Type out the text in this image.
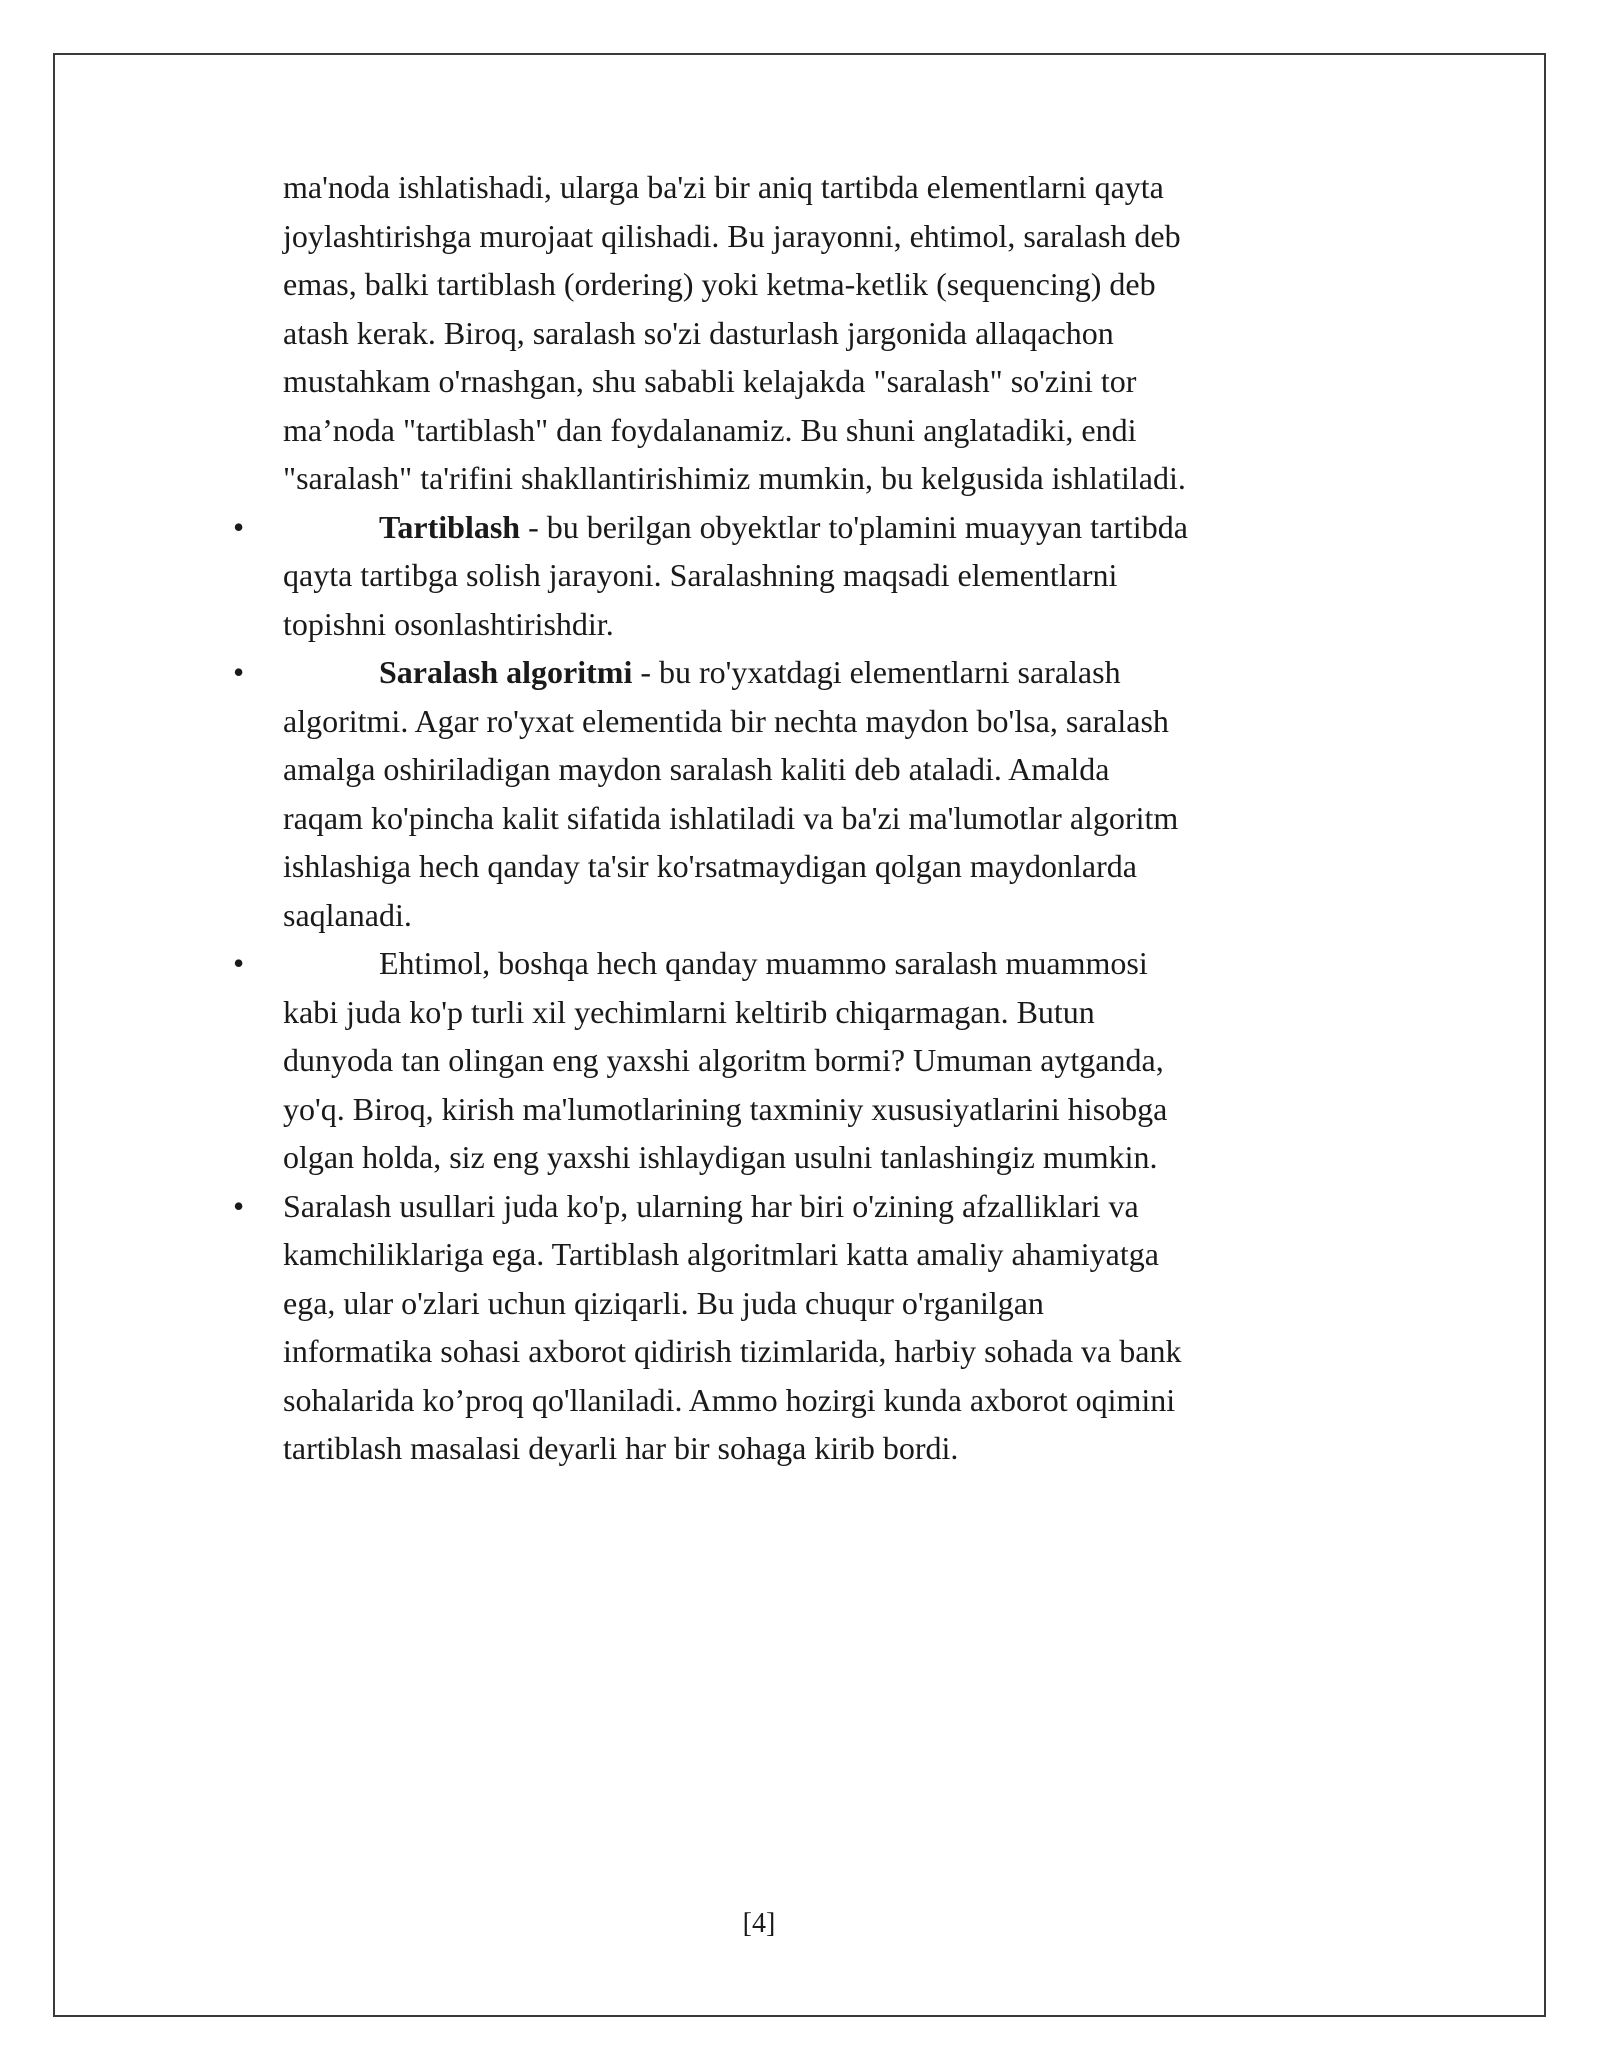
ma'noda ishlatishadi, ularga ba'zi bir aniq tartibda elementlarni qayta

joylashtirishga murojaat qilishadi. Bu jarayonni, ehtimol, saralash deb

emas, balki tartiblash (ordering) yoki ketma-ketlik (sequencing) deb

atash kerak. Biroq, saralash so'zi dasturlash jargonida allaqachon

mustahkam o'rnashgan, shu sababli kelajakda "saralash" so'zini tor

ma’noda "tartiblash" dan foydalanamiz. Bu shuni anglatadiki, endi

"saralash" ta'rifini shakllantirishimiz mumkin, bu kelgusida ishlatiladi.

•	Tartiblash - bu berilgan obyektlar to'plamini muayyan tartibda

qayta tartibga solish jarayoni. Saralashning maqsadi elementlarni

topishni osonlashtirishdir.

•	Saralash algoritmi - bu ro'yxatdagi elementlarni saralash

algoritmi. Agar ro'yxat elementida bir nechta maydon bo'lsa, saralash

amalga oshiriladigan maydon saralash kaliti deb ataladi. Amalda

raqam ko'pincha kalit sifatida ishlatiladi va ba'zi ma'lumotlar algoritm

ishlashiga hech qanday ta'sir ko'rsatmaydigan qolgan maydonlarda

saqlanadi.

•	Ehtimol, boshqa hech qanday muammo saralash muammosi

kabi juda ko'p turli xil yechimlarni keltirib chiqarmagan. Butun

dunyoda tan olingan eng yaxshi algoritm bormi? Umuman aytganda,

yo'q. Biroq, kirish ma'lumotlarining taxminiy xususiyatlarini hisobga

olgan holda, siz eng yaxshi ishlaydigan usulni tanlashingiz mumkin.

• Saralash usullari juda ko'p, ularning har biri o'zining afzalliklari va

kamchiliklariga ega. Tartiblash algoritmlari katta amaliy ahamiyatga

ega, ular o'zlari uchun qiziqarli. Bu juda chuqur o'rganilgan

informatika sohasi axborot qidirish tizimlarida, harbiy sohada va bank

sohalarida ko’proq qo'llaniladi. Ammo hozirgi kunda axborot oqimini

tartiblash masalasi deyarli har bir sohaga kirib bordi.

[4]
